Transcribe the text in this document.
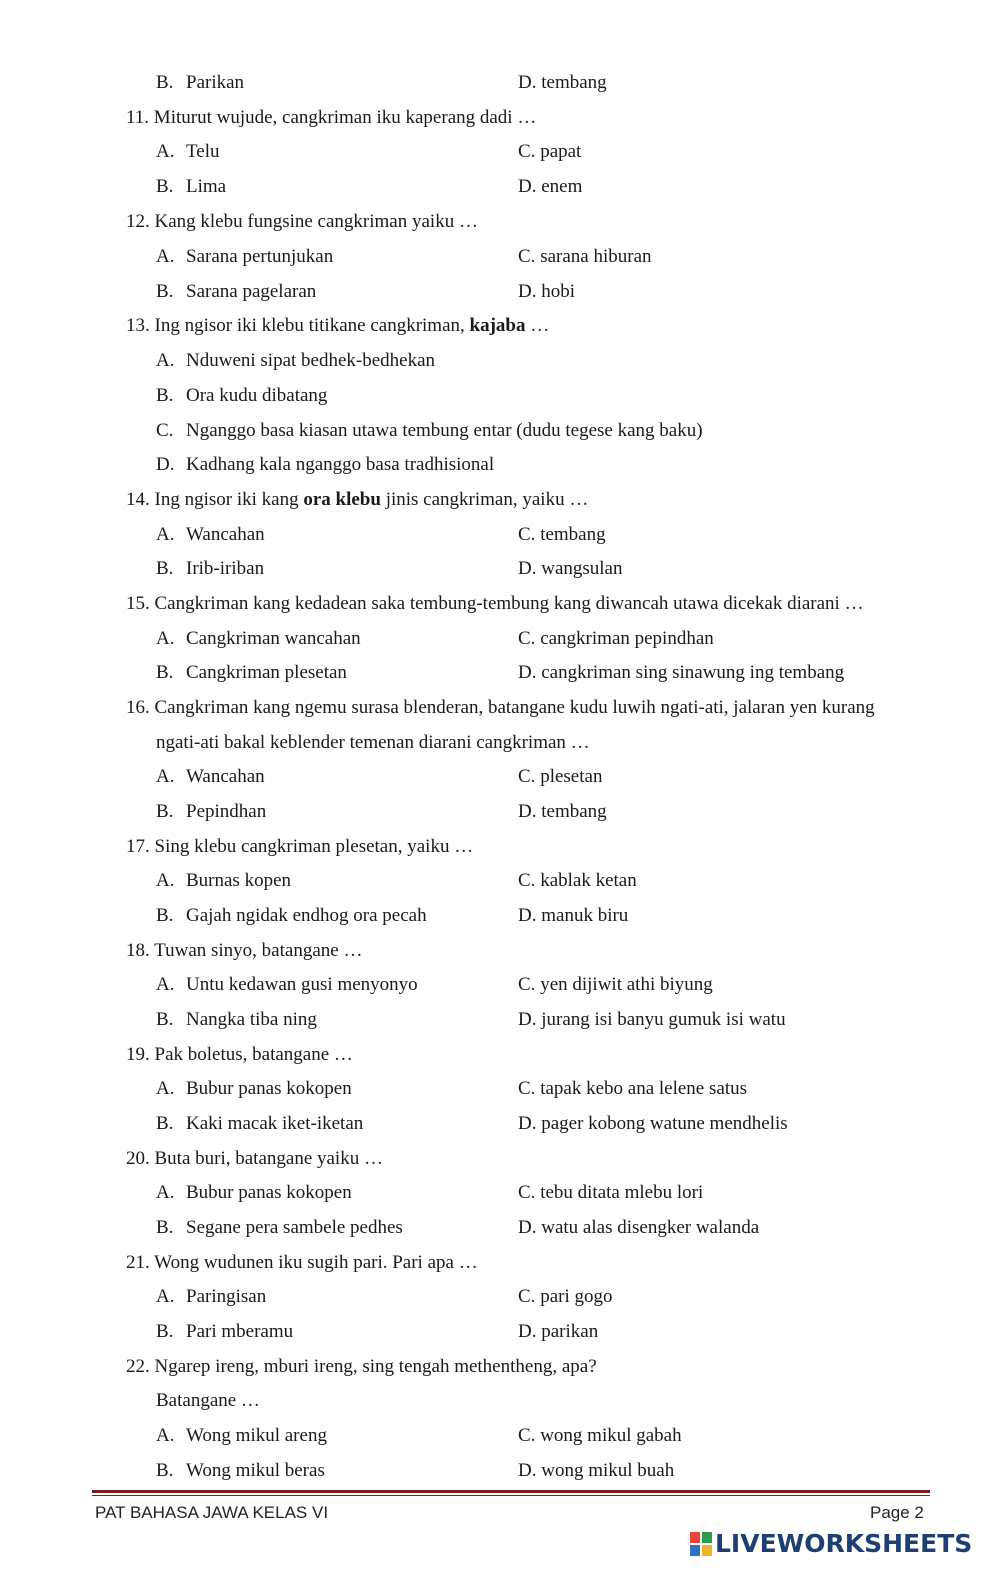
B. Parikan	D. tembang
11. Miturut wujude, cangkriman iku kaperang dadi …
A. Telu	C. papat
B. Lima	D. enem
12. Kang klebu fungsine cangkriman yaiku …
A. Sarana pertunjukan	C. sarana hiburan
B. Sarana pagelaran	D. hobi
13. Ing ngisor iki klebu titikane cangkriman, kajaba …
A. Nduweni sipat bedhek-bedhekan
B. Ora kudu dibatang
C. Nganggo basa kiasan utawa tembung entar (dudu tegese kang baku)
D. Kadhang kala nganggo basa tradhisional
14. Ing ngisor iki kang ora klebu jinis cangkriman, yaiku …
A. Wancahan	C. tembang
B. Irib-iriban	D. wangsulan
15. Cangkriman kang kedadean saka tembung-tembung kang diwancah utawa dicekak diarani …
A. Cangkriman wancahan	C. cangkriman pepindhan
B. Cangkriman plesetan	D. cangkriman sing sinawung ing tembang
16. Cangkriman kang ngemu surasa blenderan, batangane kudu luwih ngati-ati, jalaran yen kurang
ngati-ati bakal keblender temenan diarani cangkriman …
A. Wancahan	C. plesetan
B. Pepindhan	D. tembang
17. Sing klebu cangkriman plesetan, yaiku …
A. Burnas kopen	C. kablak ketan
B. Gajah ngidak endhog ora pecah	D. manuk biru
18. Tuwan sinyo, batangane …
A. Untu kedawan gusi menyonyo	C. yen dijiwit athi biyung
B. Nangka tiba ning	D. jurang isi banyu gumuk isi watu
19. Pak boletus, batangane …
A. Bubur panas kokopen	C. tapak kebo ana lelene satus
B. Kaki macak iket-iketan	D. pager kobong watune mendhelis
20. Buta buri, batangane yaiku …
A. Bubur panas kokopen	C. tebu ditata mlebu lori
B. Segane pera sambele pedhes	D. watu alas disengker walanda
21. Wong wudunen iku sugih pari. Pari apa …
A. Paringisan	C. pari gogo
B. Pari mberamu	D. parikan
22. Ngarep ireng, mburi ireng, sing tengah methentheng, apa?
Batangane …
A. Wong mikul areng	C. wong mikul gabah
B. Wong mikul beras	D. wong mikul buah
PAT BAHASA JAWA KELAS VI	Page 2
LIVEWORKSHEETS
